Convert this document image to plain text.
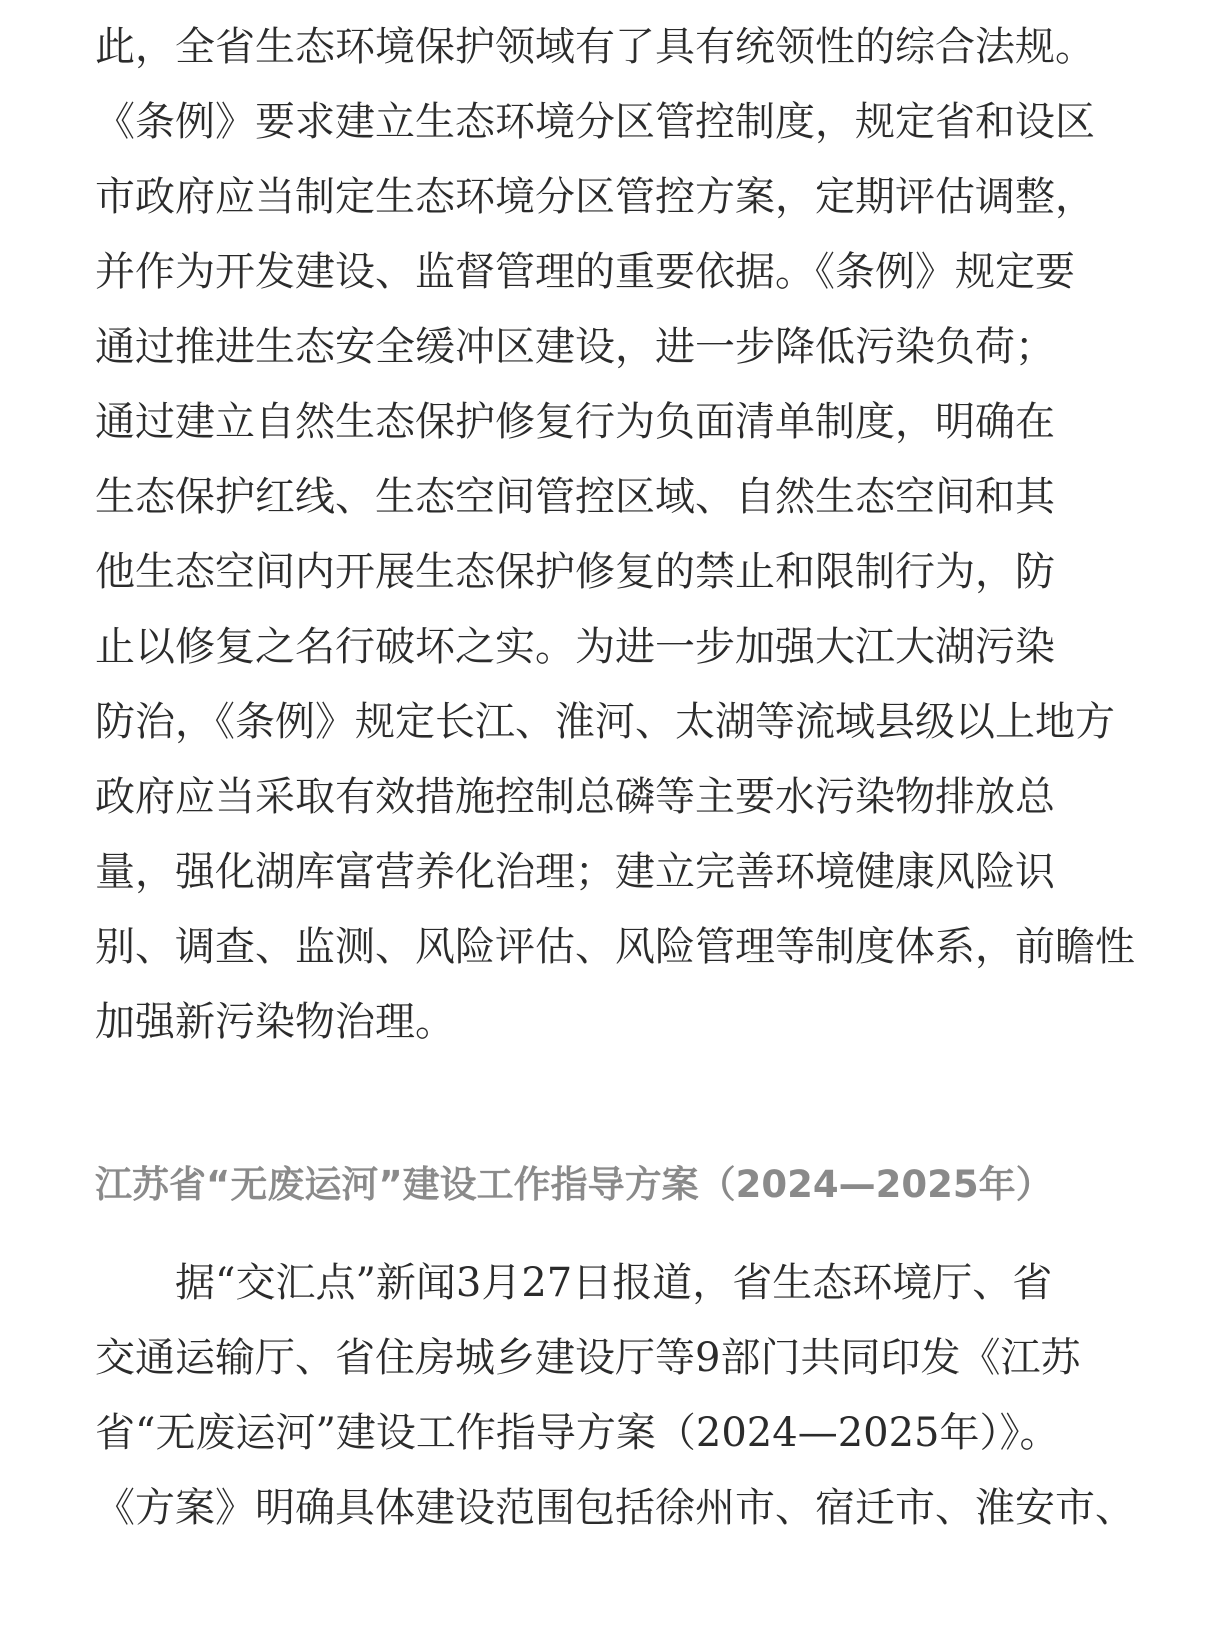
此，全省生态环境保护领域有了具有统领性的综合法规。
《条例》要求建立生态环境分区管控制度，规定省和设区
市政府应当制定生态环境分区管控方案，定期评估调整，
并作为开发建设、监督管理的重要依据。《条例》规定要
通过推进生态安全缓冲区建设，进一步降低污染负荷；
通过建立自然生态保护修复行为负面清单制度，明确在
生态保护红线、生态空间管控区域、自然生态空间和其
他生态空间内开展生态保护修复的禁止和限制行为，防
止以修复之名行破坏之实。为进一步加强大江大湖污染
防治，《条例》规定长江、淮河、太湖等流域县级以上地方
政府应当采取有效措施控制总磷等主要水污染物排放总
量，强化湖库富营养化治理；建立完善环境健康风险识
别、调查、监测、风险评估、风险管理等制度体系，前瞻性
加强新污染物治理。
江苏省“无废运河”建设工作指导方案（2024—2025年）
　　据“交汇点”新闻3月27日报道，省生态环境厅、省
交通运输厅、省住房城乡建设厅等9部门共同印发《江苏
省“无废运河”建设工作指导方案（2024—2025年）》。
《方案》明确具体建设范围包括徐州市、宿迁市、淮安市、
